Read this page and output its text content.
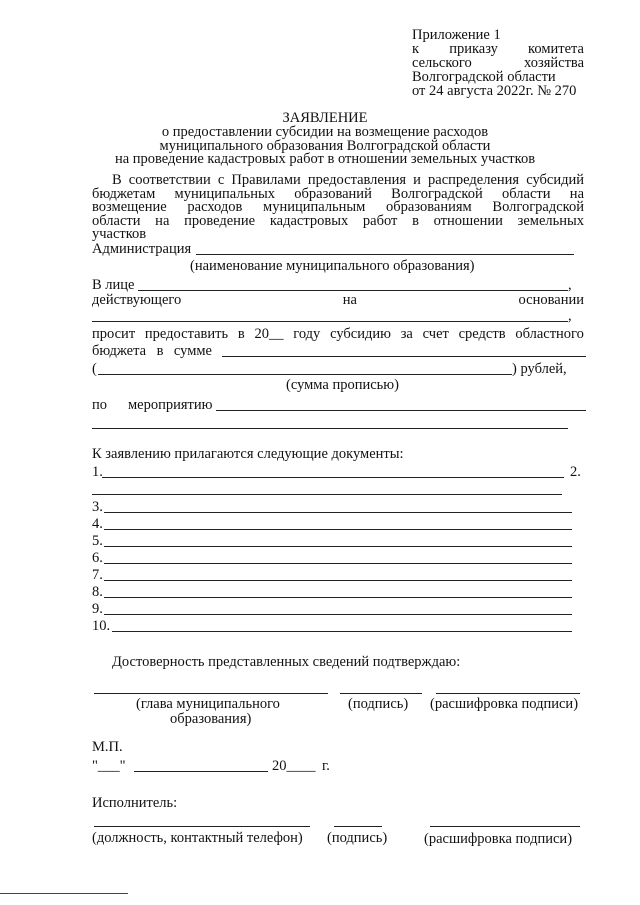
Приложение 1
к приказу комитета
сельского	хозяйства
Волгоградской области
от 24 августа 2022г. № 270
ЗАЯВЛЕНИЕ
о предоставлении субсидии на возмещение расходов
муниципального образования Волгоградской области
на проведение кадастровых работ в отношении земельных участков
В соответствии с Правилами предоставления и распределения субсидий
бюджетам муниципальных образований Волгоградской области на
возмещение расходов муниципальным образованиям Волгоградской
области на проведение кадастровых работ в отношении земельных
участков
Администрация
(наименование муниципального образования)
В лице	,
действующего	на	основании
,
просит предоставить в 20__ году субсидию за счет средств областного
бюджета в сумме
(	) рублей,
(сумма прописью)
по мероприятию
К заявлению прилагаются следующие документы:
1.	2.
3.
4.
5.
6.
7.
8.
9.
10.
Достоверность представленных сведений подтверждаю:
(глава муниципального
образования)
(подпись) (расшифровка подписи)
М.П.
"___"	20____ г.
Исполнитель:
(должность, контактный телефон) (подпись)	(расшифровка подписи)
